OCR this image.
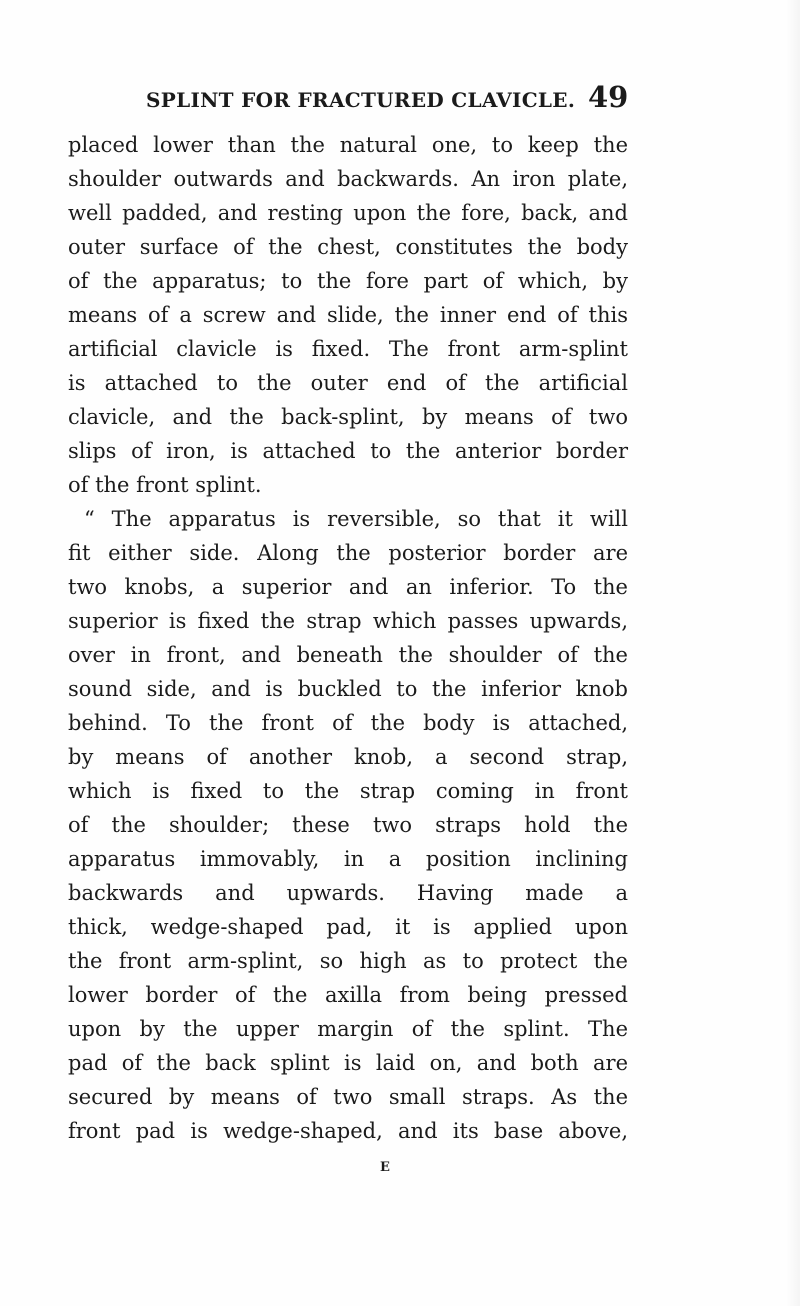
SPLINT FOR FRACTURED CLAVICLE. 49
placed lower than the natural one, to keep the
shoulder outwards and backwards. An iron plate,
well padded, and resting upon the fore, back, and
outer surface of the chest, constitutes the body
of the apparatus; to the fore part of which, by
means of a screw and slide, the inner end of this
artificial clavicle is fixed. The front arm-splint
is attached to the outer end of the artificial
clavicle, and the back-splint, by means of two
slips of iron, is attached to the anterior border
of the front splint.
“ The apparatus is reversible, so that it will
fit either side. Along the posterior border are
two knobs, a superior and an inferior. To the
superior is fixed the strap which passes upwards,
over in front, and beneath the shoulder of the
sound side, and is buckled to the inferior knob
behind. To the front of the body is attached,
by means of another knob, a second strap,
which is fixed to the strap coming in front
of the shoulder; these two straps hold the
apparatus immovably, in a position inclining
backwards and upwards. Having made a
thick, wedge-shaped pad, it is applied upon
the front arm-splint, so high as to protect the
lower border of the axilla from being pressed
upon by the upper margin of the splint. The
pad of the back splint is laid on, and both are
secured by means of two small straps. As the
front pad is wedge-shaped, and its base above,
E
